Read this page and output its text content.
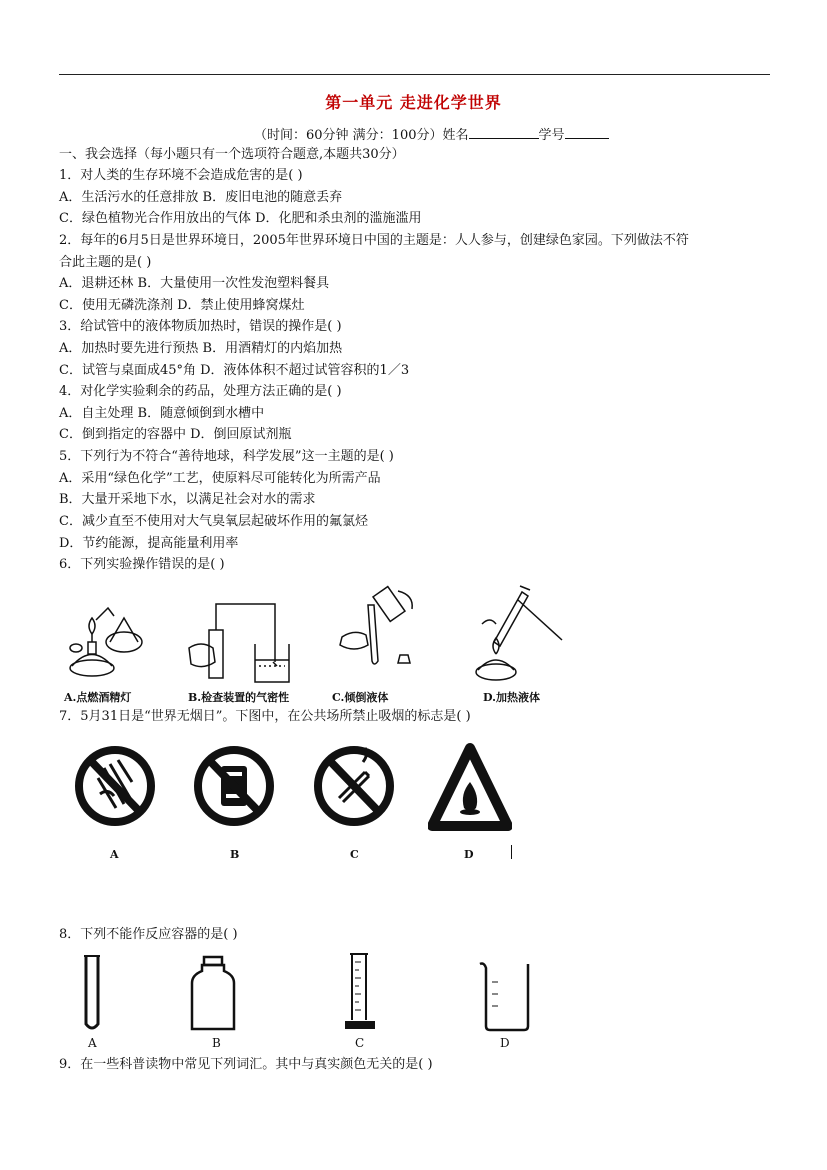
第一单元 走进化学世界
（时间：60分钟 满分：100分）姓名	学号
一、我会选择（每小题只有一个选项符合题意,本题共30分）
1．对人类的生存环境不会造成危害的是( )
A．生活污水的任意排放 B．废旧电池的随意丢弃
C．绿色植物光合作用放出的气体 D．化肥和杀虫剂的滥施滥用
2．每年的6月5日是世界环境日，2005年世界环境日中国的主题是：人人参与，创建绿色家园。下列做法不符
合此主题的是( )
A．退耕还林 B．大量使用一次性发泡塑料餐具
C．使用无磷洗涤剂 D．禁止使用蜂窝煤灶
3．给试管中的液体物质加热时，错误的操作是( )
A．加热时要先进行预热 B．用酒精灯的内焰加热
C．试管与桌面成45°角 D．液体体积不超过试管容积的1／3
4．对化学实验剩余的药品，处理方法正确的是( )
A．自主处理 B．随意倾倒到水槽中
C．倒到指定的容器中 D．倒回原试剂瓶
5．下列行为不符合“善待地球，科学发展”这一主题的是( )
A．采用“绿色化学”工艺，使原料尽可能转化为所需产品
B．大量开采地下水，以满足社会对水的需求
C．减少直至不使用对大气臭氧层起破坏作用的氟氯烃
D．节约能源，提高能量利用率
6．下列实验操作错误的是( )
A.点燃酒精灯	B.检查装置的气密性	C.倾倒液体	D.加热液体
7．5月31日是“世界无烟日”。下图中，在公共场所禁止吸烟的标志是( )
A	B	C	D
8．下列不能作反应容器的是( )
A	B	C	D
9．在一些科普读物中常见下列词汇。其中与真实颜色无关的是( )
